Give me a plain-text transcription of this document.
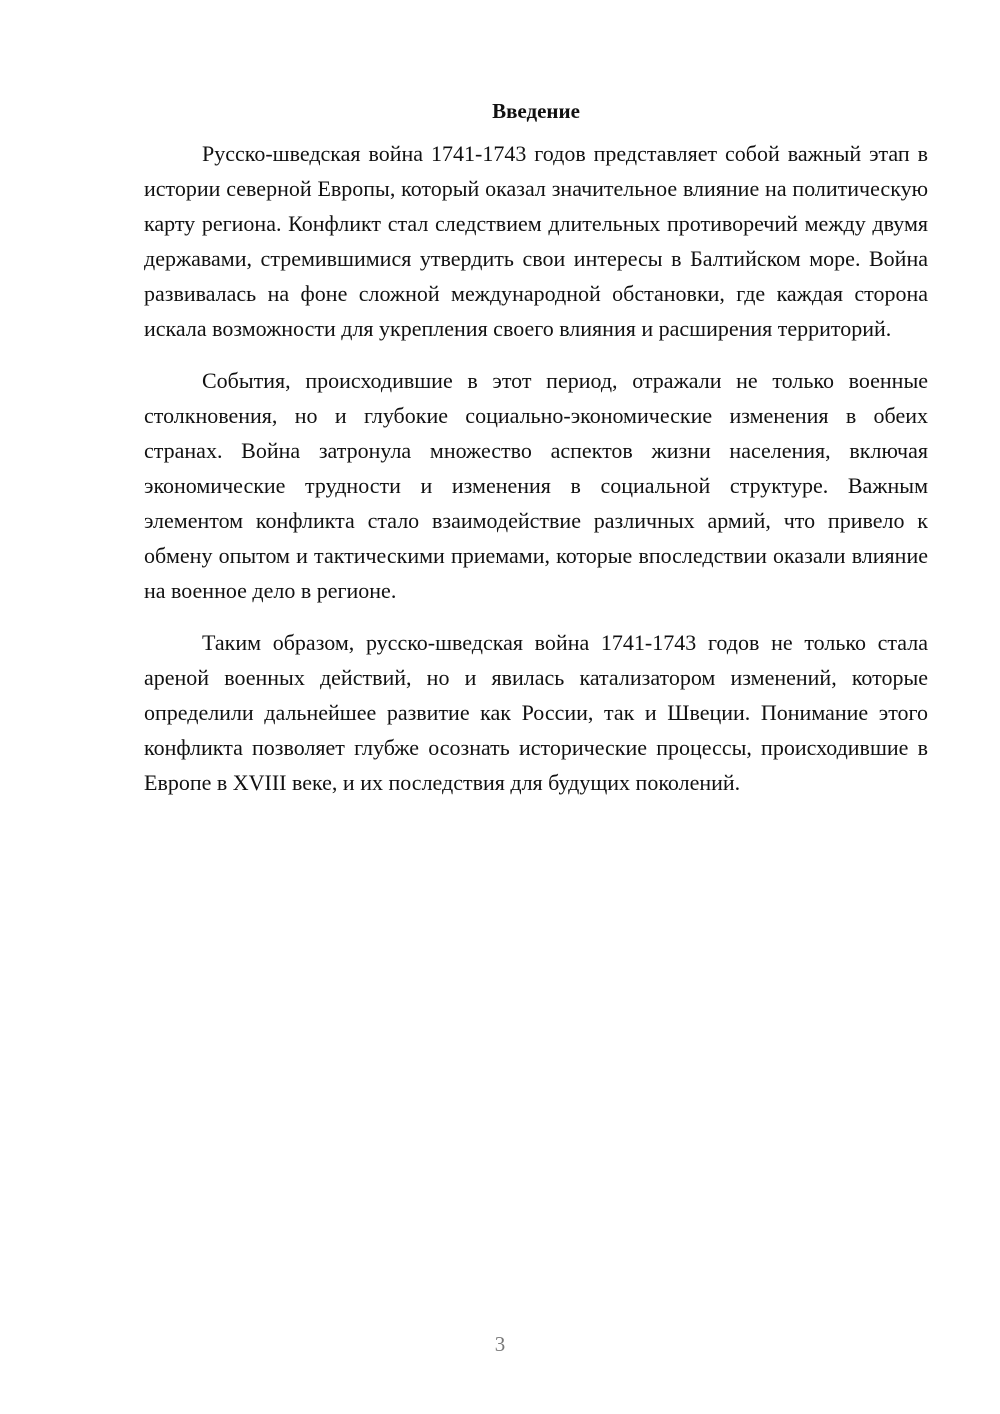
Введение

Русско-шведская война 1741-1743 годов представляет собой важный этап в истории северной Европы, который оказал значительное влияние на политическую карту региона. Конфликт стал следствием длительных противоречий между двумя державами, стремившимися утвердить свои интересы в Балтийском море. Война развивалась на фоне сложной международной обстановки, где каждая сторона искала возможности для укрепления своего влияния и расширения территорий.

События, происходившие в этот период, отражали не только военные столкновения, но и глубокие социально-экономические изменения в обеих странах. Война затронула множество аспектов жизни населения, включая экономические трудности и изменения в социальной структуре. Важным элементом конфликта стало взаимодействие различных армий, что привело к обмену опытом и тактическими приемами, которые впоследствии оказали влияние на военное дело в регионе.

Таким образом, русско-шведская война 1741-1743 годов не только стала ареной военных действий, но и явилась катализатором изменений, которые определили дальнейшее развитие как России, так и Швеции. Понимание этого конфликта позволяет глубже осознать исторические процессы, происходившие в Европе в XVIII веке, и их последствия для будущих поколений.

3
